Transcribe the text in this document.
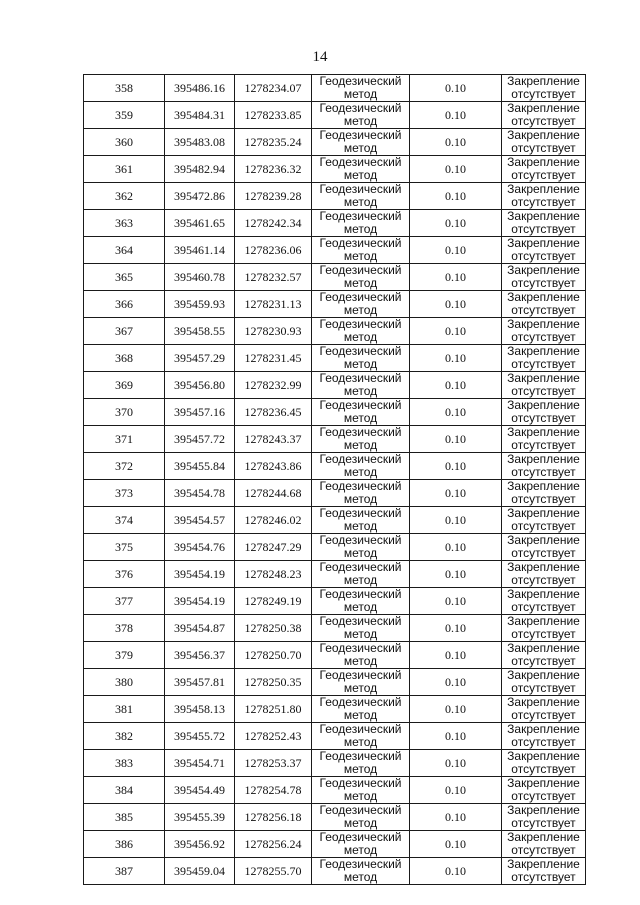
14
358	395486.16	1278234.07	Геодезический
метод	0.10	Закрепление
отсутствует

359	395484.31	1278233.85	Геодезический
метод	0.10	Закрепление
отсутствует

360	395483.08	1278235.24	Геодезический
метод	0.10	Закрепление
отсутствует

361	395482.94	1278236.32	Геодезический
метод	0.10	Закрепление
отсутствует

362	395472.86	1278239.28	Геодезический
метод	0.10	Закрепление
отсутствует

363	395461.65	1278242.34	Геодезический
метод	0.10	Закрепление
отсутствует

364	395461.14	1278236.06	Геодезический
метод	0.10	Закрепление
отсутствует

365	395460.78	1278232.57	Геодезический
метод	0.10	Закрепление
отсутствует

366	395459.93	1278231.13	Геодезический
метод	0.10	Закрепление
отсутствует

367	395458.55	1278230.93	Геодезический
метод	0.10	Закрепление
отсутствует

368	395457.29	1278231.45	Геодезический
метод	0.10	Закрепление
отсутствует

369	395456.80	1278232.99	Геодезический
метод	0.10	Закрепление
отсутствует

370	395457.16	1278236.45	Геодезический
метод	0.10	Закрепление
отсутствует

371	395457.72	1278243.37	Геодезический
метод	0.10	Закрепление
отсутствует

372	395455.84	1278243.86	Геодезический
метод	0.10	Закрепление
отсутствует

373	395454.78	1278244.68	Геодезический
метод	0.10	Закрепление
отсутствует

374	395454.57	1278246.02	Геодезический
метод	0.10	Закрепление
отсутствует

375	395454.76	1278247.29	Геодезический
метод	0.10	Закрепление
отсутствует

376	395454.19	1278248.23	Геодезический
метод	0.10	Закрепление
отсутствует

377	395454.19	1278249.19	Геодезический
метод	0.10	Закрепление
отсутствует

378	395454.87	1278250.38	Геодезический
метод	0.10	Закрепление
отсутствует

379	395456.37	1278250.70	Геодезический
метод	0.10	Закрепление
отсутствует

380	395457.81	1278250.35	Геодезический
метод	0.10	Закрепление
отсутствует

381	395458.13	1278251.80	Геодезический
метод	0.10	Закрепление
отсутствует

382	395455.72	1278252.43	Геодезический
метод	0.10	Закрепление
отсутствует

383	395454.71	1278253.37	Геодезический
метод	0.10	Закрепление
отсутствует

384	395454.49	1278254.78	Геодезический
метод	0.10	Закрепление
отсутствует

385	395455.39	1278256.18	Геодезический
метод	0.10	Закрепление
отсутствует

386	395456.92	1278256.24	Геодезический
метод	0.10	Закрепление
отсутствует

387	395459.04	1278255.70	Геодезический
метод	0.10	Закрепление
отсутствует
